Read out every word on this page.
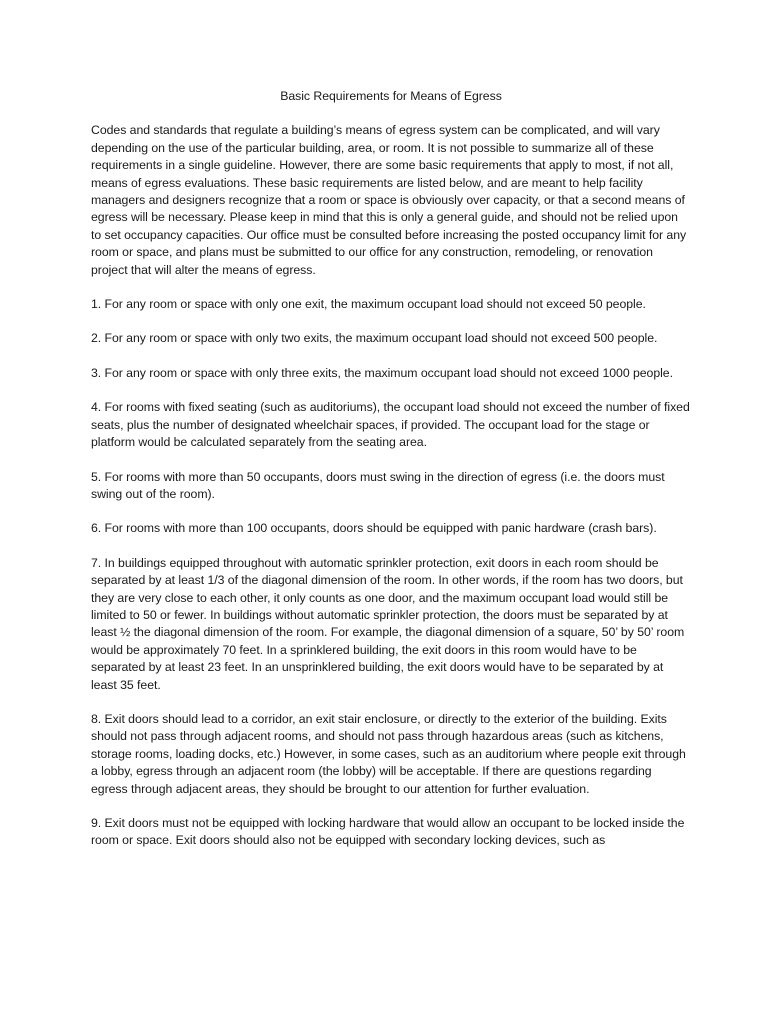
Basic Requirements for Means of Egress
Codes and standards that regulate a building’s means of egress system can be complicated, and will vary depending on the use of the particular building, area, or room. It is not possible to summarize all of these requirements in a single guideline. However, there are some basic requirements that apply to most, if not all, means of egress evaluations. These basic requirements are listed below, and are meant to help facility managers and designers recognize that a room or space is obviously over capacity, or that a second means of egress will be necessary. Please keep in mind that this is only a general guide, and should not be relied upon to set occupancy capacities. Our office must be consulted before increasing the posted occupancy limit for any room or space, and plans must be submitted to our office for any construction, remodeling, or renovation project that will alter the means of egress.
1. For any room or space with only one exit, the maximum occupant load should not exceed 50 people.
2. For any room or space with only two exits, the maximum occupant load should not exceed 500 people.
3. For any room or space with only three exits, the maximum occupant load should not exceed 1000 people.
4. For rooms with fixed seating (such as auditoriums), the occupant load should not exceed the number of fixed seats, plus the number of designated wheelchair spaces, if provided. The occupant load for the stage or platform would be calculated separately from the seating area.
5. For rooms with more than 50 occupants, doors must swing in the direction of egress (i.e. the doors must swing out of the room).
6. For rooms with more than 100 occupants, doors should be equipped with panic hardware (crash bars).
7. In buildings equipped throughout with automatic sprinkler protection, exit doors in each room should be separated by at least 1/3 of the diagonal dimension of the room. In other words, if the room has two doors, but they are very close to each other, it only counts as one door, and the maximum occupant load would still be limited to 50 or fewer. In buildings without automatic sprinkler protection, the doors must be separated by at least ½ the diagonal dimension of the room. For example, the diagonal dimension of a square, 50’ by 50’ room would be approximately 70 feet. In a sprinklered building, the exit doors in this room would have to be separated by at least 23 feet. In an unsprinklered building, the exit doors would have to be separated by at least 35 feet.
8. Exit doors should lead to a corridor, an exit stair enclosure, or directly to the exterior of the building. Exits should not pass through adjacent rooms, and should not pass through hazardous areas (such as kitchens, storage rooms, loading docks, etc.) However, in some cases, such as an auditorium where people exit through a lobby, egress through an adjacent room (the lobby) will be acceptable. If there are questions regarding egress through adjacent areas, they should be brought to our attention for further evaluation.
9. Exit doors must not be equipped with locking hardware that would allow an occupant to be locked inside the room or space. Exit doors should also not be equipped with secondary locking devices, such as
